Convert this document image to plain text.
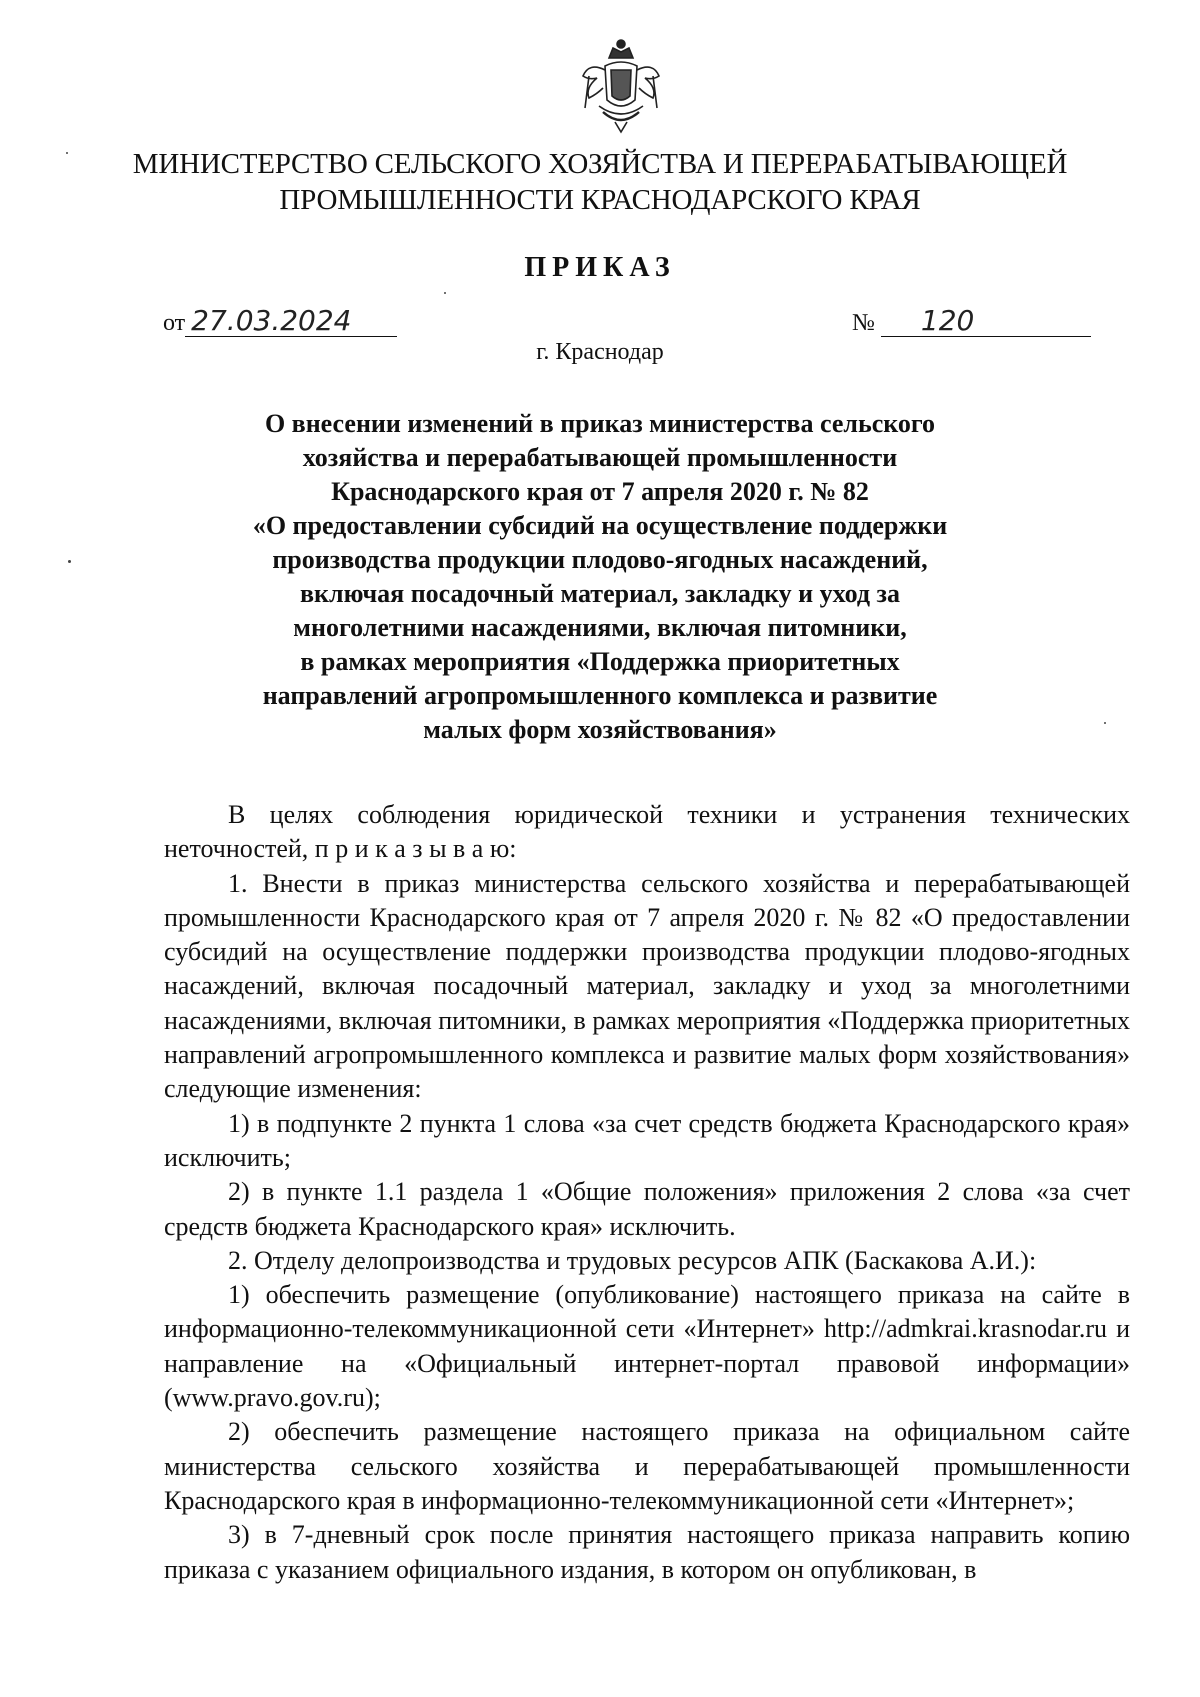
МИНИСТЕРСТВО СЕЛЬСКОГО ХОЗЯЙСТВА И ПЕРЕРАБАТЫВАЮЩЕЙ
ПРОМЫШЛЕННОСТИ КРАСНОДАРСКОГО КРАЯ
ПРИКАЗ
от 27.03.2024	№ 120
г. Краснодар
О внесении изменений в приказ министерства сельского
хозяйства и перерабатывающей промышленности
Краснодарского края от 7 апреля 2020 г. № 82
«О предоставлении субсидий на осуществление поддержки
производства продукции плодово-ягодных насаждений,
включая посадочный материал, закладку и уход за
многолетними насаждениями, включая питомники,
в рамках мероприятия «Поддержка приоритетных
направлений агропромышленного комплекса и развитие
малых форм хозяйствования»

В целях соблюдения юридической техники и устранения технических неточностей, п р и к а з ы в а ю:

1. Внести в приказ министерства сельского хозяйства и перерабатывающей промышленности Краснодарского края от 7 апреля 2020 г. № 82 «О предоставлении субсидий на осуществление поддержки производства продукции плодово-ягодных насаждений, включая посадочный материал, закладку и уход за многолетними насаждениями, включая питомники, в рамках мероприятия «Поддержка приоритетных направлений агропромышленного комплекса и развитие малых форм хозяйствования» следующие изменения:

1) в подпункте 2 пункта 1 слова «за счет средств бюджета Краснодарского края» исключить;

2) в пункте 1.1 раздела 1 «Общие положения» приложения 2 слова «за счет средств бюджета Краснодарского края» исключить.

2. Отделу делопроизводства и трудовых ресурсов АПК (Баскакова А.И.):

1) обеспечить размещение (опубликование) настоящего приказа на сайте в информационно-телекоммуникационной сети «Интернет» http://admkrai.krasnodar.ru и направление на «Официальный интернет-портал правовой информации» (www.pravo.gov.ru);

2) обеспечить размещение настоящего приказа на официальном сайте министерства сельского хозяйства и перерабатывающей промышленности Краснодарского края в информационно-телекоммуникационной сети «Интернет»;

3) в 7-дневный срок после принятия настоящего приказа направить копию приказа с указанием официального издания, в котором он опубликован, в
